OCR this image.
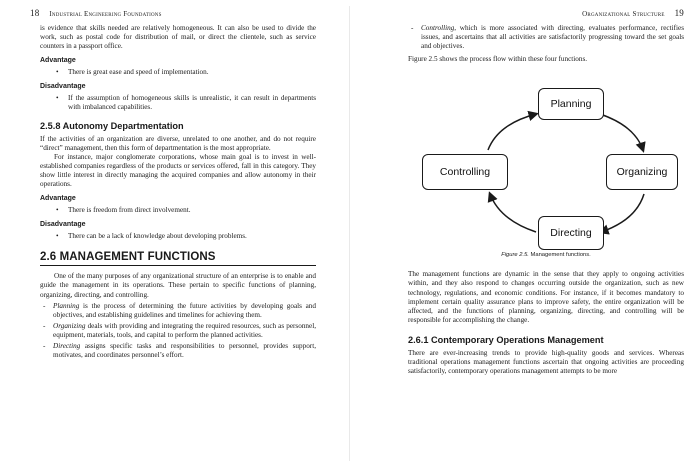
18 Industrial Engineering Foundations

is evidence that skills needed are relatively homogeneous. It can also be used to divide the work, such as postal code for distribution of mail, or direct the clientele, such as service counters in a passport office.

Advantage
• There is great ease and speed of implementation.
Disadvantage
• If the assumption of homogeneous skills is unrealistic, it can result in departments with imbalanced capabilities.
2.5.8 Autonomy Departmentation

If the activities of an organization are diverse, unrelated to one another, and do not require “direct” management, then this form of departmentation is the most appropriate.

For instance, major conglomerate corporations, whose main goal is to invest in well-established companies regardless of the products or services offered, fall in this category. They show little interest in directly managing the acquired companies and allow autonomy in their operations.

Advantage
• There is freedom from direct involvement.
Disadvantage
• There can be a lack of knowledge about developing problems.
2.6 MANAGEMENT FUNCTIONS

One of the many purposes of any organizational structure of an enterprise is to enable and guide the management in its operations. These pertain to specific functions of planning, organizing, directing, and controlling.

- Planning is the process of determining the future activities by developing goals and objectives, and establishing guidelines and timelines for achieving them.
- Organizing deals with providing and integrating the required resources, such as personnel, equipment, materials, tools, and capital to perform the planned activities.
- Directing assigns specific tasks and responsibilities to personnel, provides support, motivates, and coordinates personnel’s effort.
Organizational Structure 19
- Controlling, which is more associated with directing, evaluates performance, rectifies issues, and ascertains that all activities are satisfactorily progressing toward the set goals and objectives.

Figure 2.5 shows the process flow within these four functions.

Planning
Organizing
Directing
Controlling
Figure 2.5. Management functions.

The management functions are dynamic in the sense that they apply to ongoing activities within, and they also respond to changes occurring outside the organization, such as new technology, regulations, and economic conditions. For instance, if it becomes mandatory to implement certain quality assurance plans to improve safety, the entire organization will be affected, and the functions of planning, organizing, directing, and controlling will be responsible for accomplishing the change.

2.6.1 Contemporary Operations Management

There are ever-increasing trends to provide high-quality goods and services. Whereas traditional operations management functions ascertain that ongoing activities are proceeding satisfactorily, contemporary operations management attempts to be more
